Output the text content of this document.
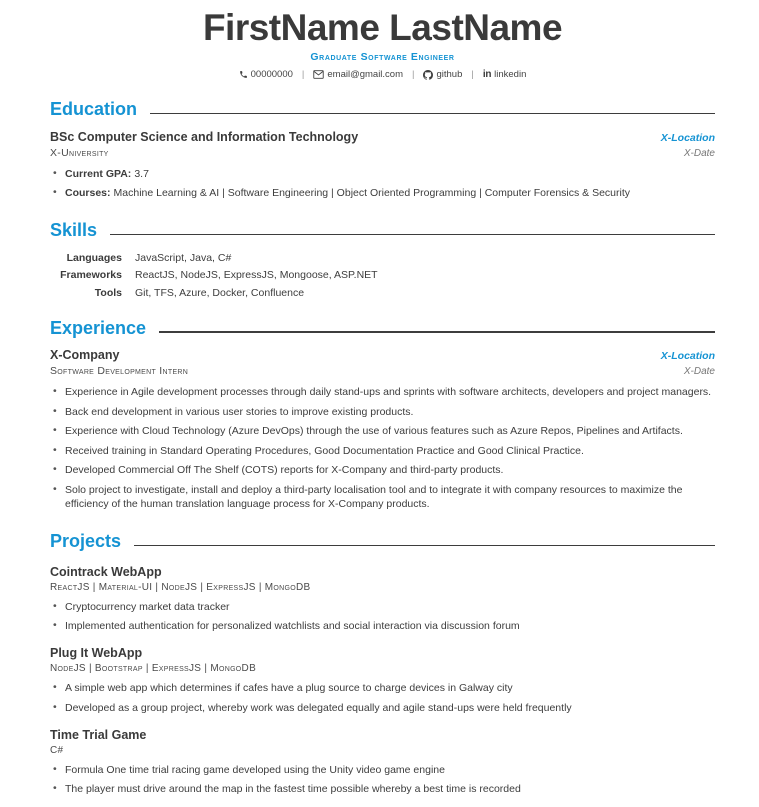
FirstName LastName
Graduate Software Engineer
00000000 | email@gmail.com | github | in linkedin
Education
BSc Computer Science and Information Technology	X-Location
X-University	X-Date
• Current GPA: 3.7
• Courses: Machine Learning & AI | Software Engineering | Object Oriented Programming | Computer Forensics & Security
Skills
Languages JavaScript, Java, C#
Frameworks ReactJS, NodeJS, ExpressJS, Mongoose, ASP.NET
Tools Git, TFS, Azure, Docker, Confluence
Experience
X-Company	X-Location
Software Development Intern	X-Date
• Experience in Agile development processes through daily stand-ups and sprints with software architects, developers and project managers.
• Back end development in various user stories to improve existing products.
• Experience with Cloud Technology (Azure DevOps) through the use of various features such as Azure Repos, Pipelines and Artifacts.
• Received training in Standard Operating Procedures, Good Documentation Practice and Good Clinical Practice.
• Developed Commercial Off The Shelf (COTS) reports for X-Company and third-party products.
• Solo project to investigate, install and deploy a third-party localisation tool and to integrate it with company resources to maximize the efficiency of the human translation language process for X-Company products.
Projects
Cointrack WebApp
ReactJS | Material-UI | NodeJS | ExpressJS | MongoDB
• Cryptocurrency market data tracker
• Implemented authentication for personalized watchlists and social interaction via discussion forum
Plug It WebApp
NodeJS | Bootstrap | ExpressJS | MongoDB
• A simple web app which determines if cafes have a plug source to charge devices in Galway city
• Developed as a group project, whereby work was delegated equally and agile stand-ups were held frequently
Time Trial Game
C#
• Formula One time trial racing game developed using the Unity video game engine
• The player must drive around the map in the fastest time possible whereby a best time is recorded
